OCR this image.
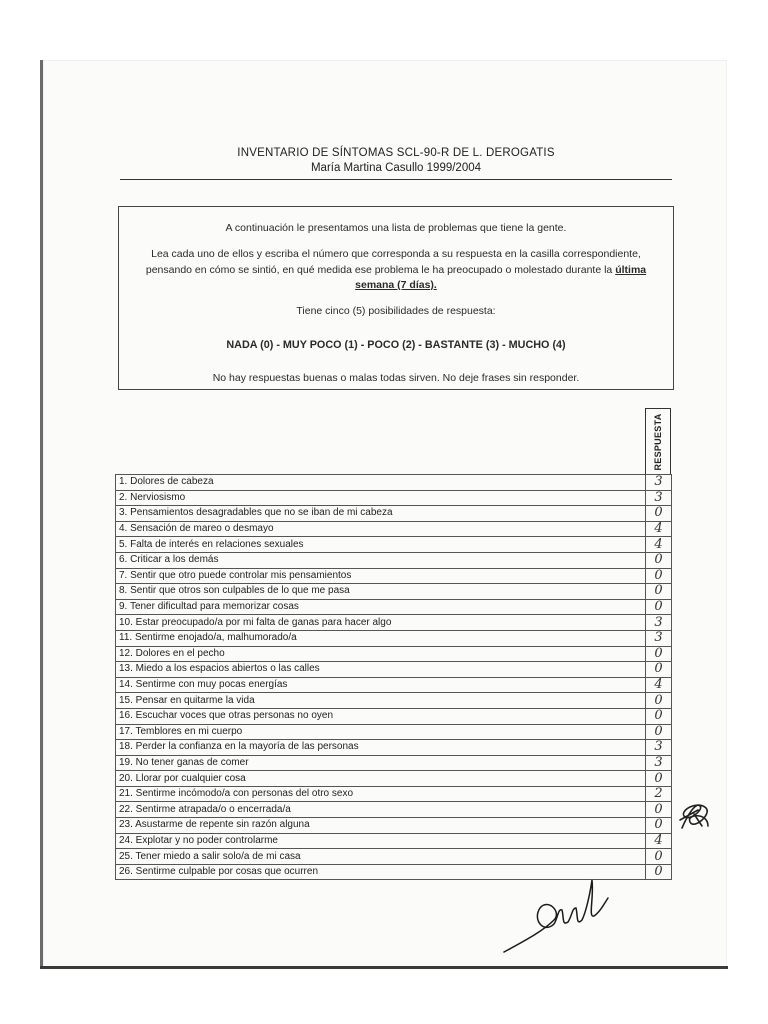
INVENTARIO DE SÍNTOMAS SCL-90-R DE L. DEROGATIS
María Martina Casullo 1999/2004

A continuación le presentamos una lista de problemas que tiene la gente.

Lea cada uno de ellos y escriba el número que corresponda a su respuesta en la casilla correspondiente,

pensando en cómo se sintió, en qué medida ese problema le ha preocupado o molestado durante la última

semana (7 días).

Tiene cinco (5) posibilidades de respuesta:

NADA (0) - MUY POCO (1) - POCO (2) - BASTANTE (3) - MUCHO (4)

No hay respuestas buenas o malas todas sirven. No deje frases sin responder.

RESPUESTA
1. Dolores de cabeza	3
2. Nerviosismo	3
3. Pensamientos desagradables que no se iban de mi cabeza	0
4. Sensación de mareo o desmayo	4
5. Falta de interés en relaciones sexuales	4
6. Criticar a los demás	0
7. Sentir que otro puede controlar mis pensamientos	0
8. Sentir que otros son culpables de lo que me pasa	0
9. Tener dificultad para memorizar cosas	0
10. Estar preocupado/a por mi falta de ganas para hacer algo	3
11. Sentirme enojado/a, malhumorado/a	3
12. Dolores en el pecho	0
13. Miedo a los espacios abiertos o las calles	0
14. Sentirme con muy pocas energías	4
15. Pensar en quitarme la vida	0
16. Escuchar voces que otras personas no oyen	0
17. Temblores en mi cuerpo	0
18. Perder la confianza en la mayoría de las personas	3
19. No tener ganas de comer	3
20. Llorar por cualquier cosa	0
21. Sentirme incómodo/a con personas del otro sexo	2
22. Sentirme atrapada/o o encerrada/a	0
23. Asustarme de repente sin razón alguna	0
24. Explotar y no poder controlarme	4
25. Tener miedo a salir solo/a de mi casa	0
26. Sentirme culpable por cosas que ocurren	0
